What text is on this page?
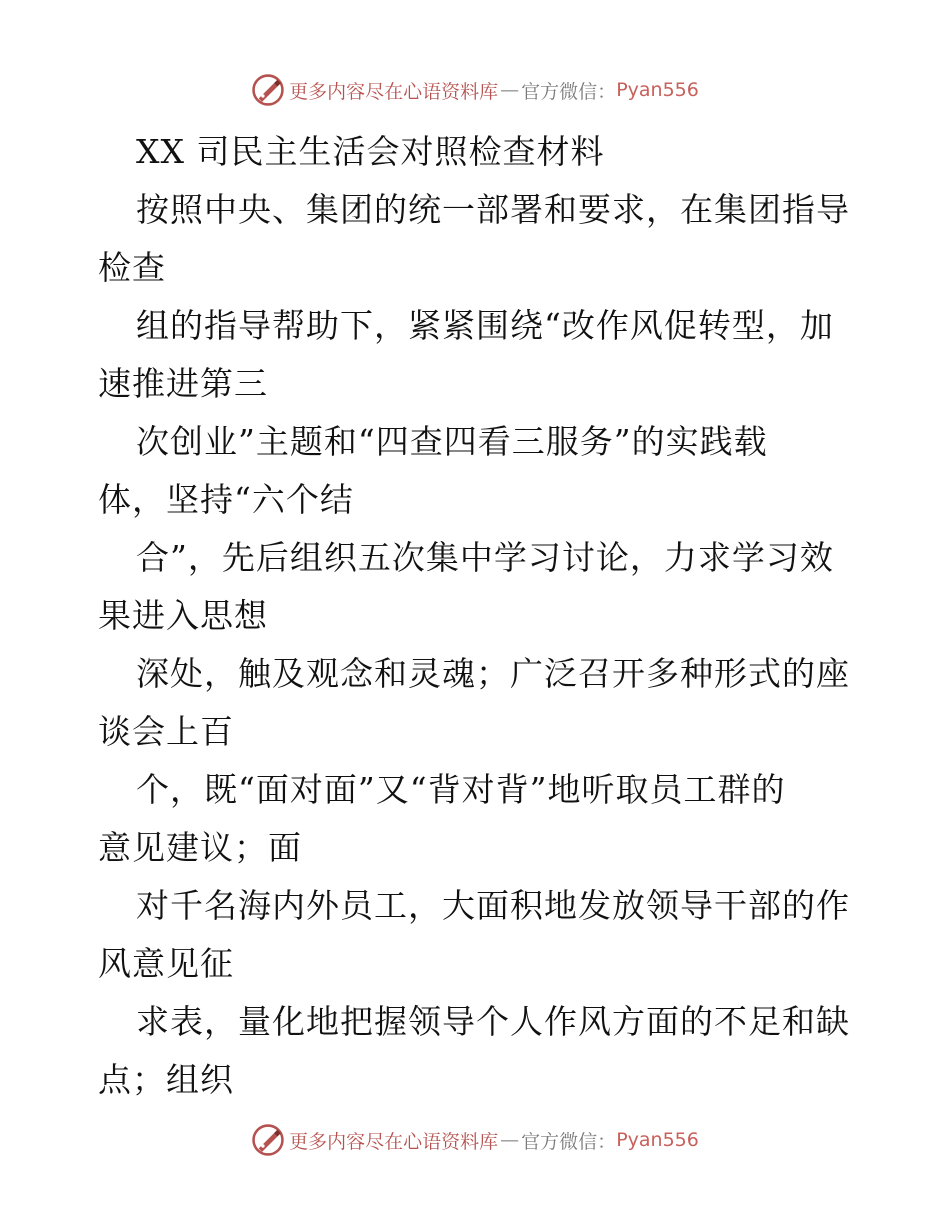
更多内容尽在心语资料库 — 官方微信： Pyan556
XX 司民主生活会对照检查材料
按照中央、集团的统一部署和要求，在集团指导
检查
组的指导帮助下，紧紧围绕“改作风促转型，加
速推进第三
次创业”主题和“四查四看三服务”的实践载
体，坚持“六个结
合”，先后组织五次集中学习讨论，力求学习效
果进入思想
深处，触及观念和灵魂；广泛召开多种形式的座
谈会上百
个，既“面对面”又“背对背”地听取员工群的
意见建议；面
对千名海内外员工，大面积地发放领导干部的作
风意见征
求表，量化地把握领导个人作风方面的不足和缺
点；组织
更多内容尽在心语资料库 — 官方微信： Pyan556
